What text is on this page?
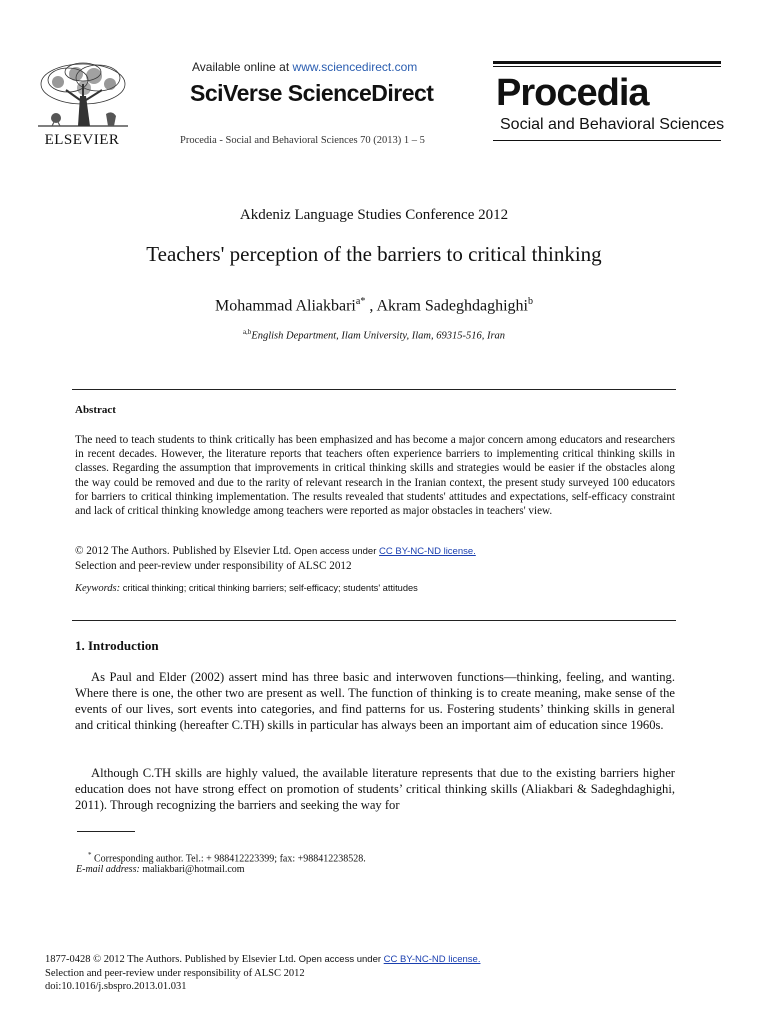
ELSEVIER
Available online at www.sciencedirect.com
SciVerse ScienceDirect
Procedia - Social and Behavioral Sciences 70 (2013) 1 – 5
Procedia
Social and Behavioral Sciences
Akdeniz Language Studies Conference 2012
Teachers' perception of the barriers to critical thinking
Mohammad Aliakbari$^{a*}$ , Akram Sadeghdaghighi$^b$
$^{a,b}$English Department, Ilam University, Ilam, 69315-516, Iran
Abstract
The need to teach students to think critically has been emphasized and has become a major concern among educators and researchers in recent decades. However, the literature reports that teachers often experience barriers to implementing critical thinking skills in classes. Regarding the assumption that improvements in critical thinking skills and strategies would be easier if the obstacles along the way could be removed and due to the rarity of relevant research in the Iranian context, the present study surveyed 100 educators for barriers to critical thinking implementation. The results revealed that students' attitudes and expectations, self-efficacy constraint and lack of critical thinking knowledge among teachers were reported as major obstacles in teachers' view.
© 2012 The Authors. Published by Elsevier Ltd. Open access under CC BY-NC-ND license.
Selection and peer-review under responsibility of ALSC 2012
Keywords: critical thinking; critical thinking barriers; self-efficacy; students' attitudes
1. Introduction
As Paul and Elder (2002) assert mind has three basic and interwoven functions—thinking, feeling, and wanting. Where there is one, the other two are present as well. The function of thinking is to create meaning, make sense of the events of our lives, sort events into categories, and find patterns for us. Fostering students’ thinking skills in general and critical thinking (hereafter C.TH) skills in particular has always been an important aim of education since 1960s.
Although C.TH skills are highly valued, the available literature represents that due to the existing barriers higher education does not have strong effect on promotion of students’ critical thinking skills (Aliakbari & Sadeghdaghighi, 2011). Through recognizing the barriers and seeking the way for
* Corresponding author. Tel.: + 988412223399; fax: +988412238528.
E-mail address: maliakbari@hotmail.com
1877-0428 © 2012 The Authors. Published by Elsevier Ltd. Open access under CC BY-NC-ND license.
Selection and peer-review under responsibility of ALSC 2012
doi:10.1016/j.sbspro.2013.01.031
